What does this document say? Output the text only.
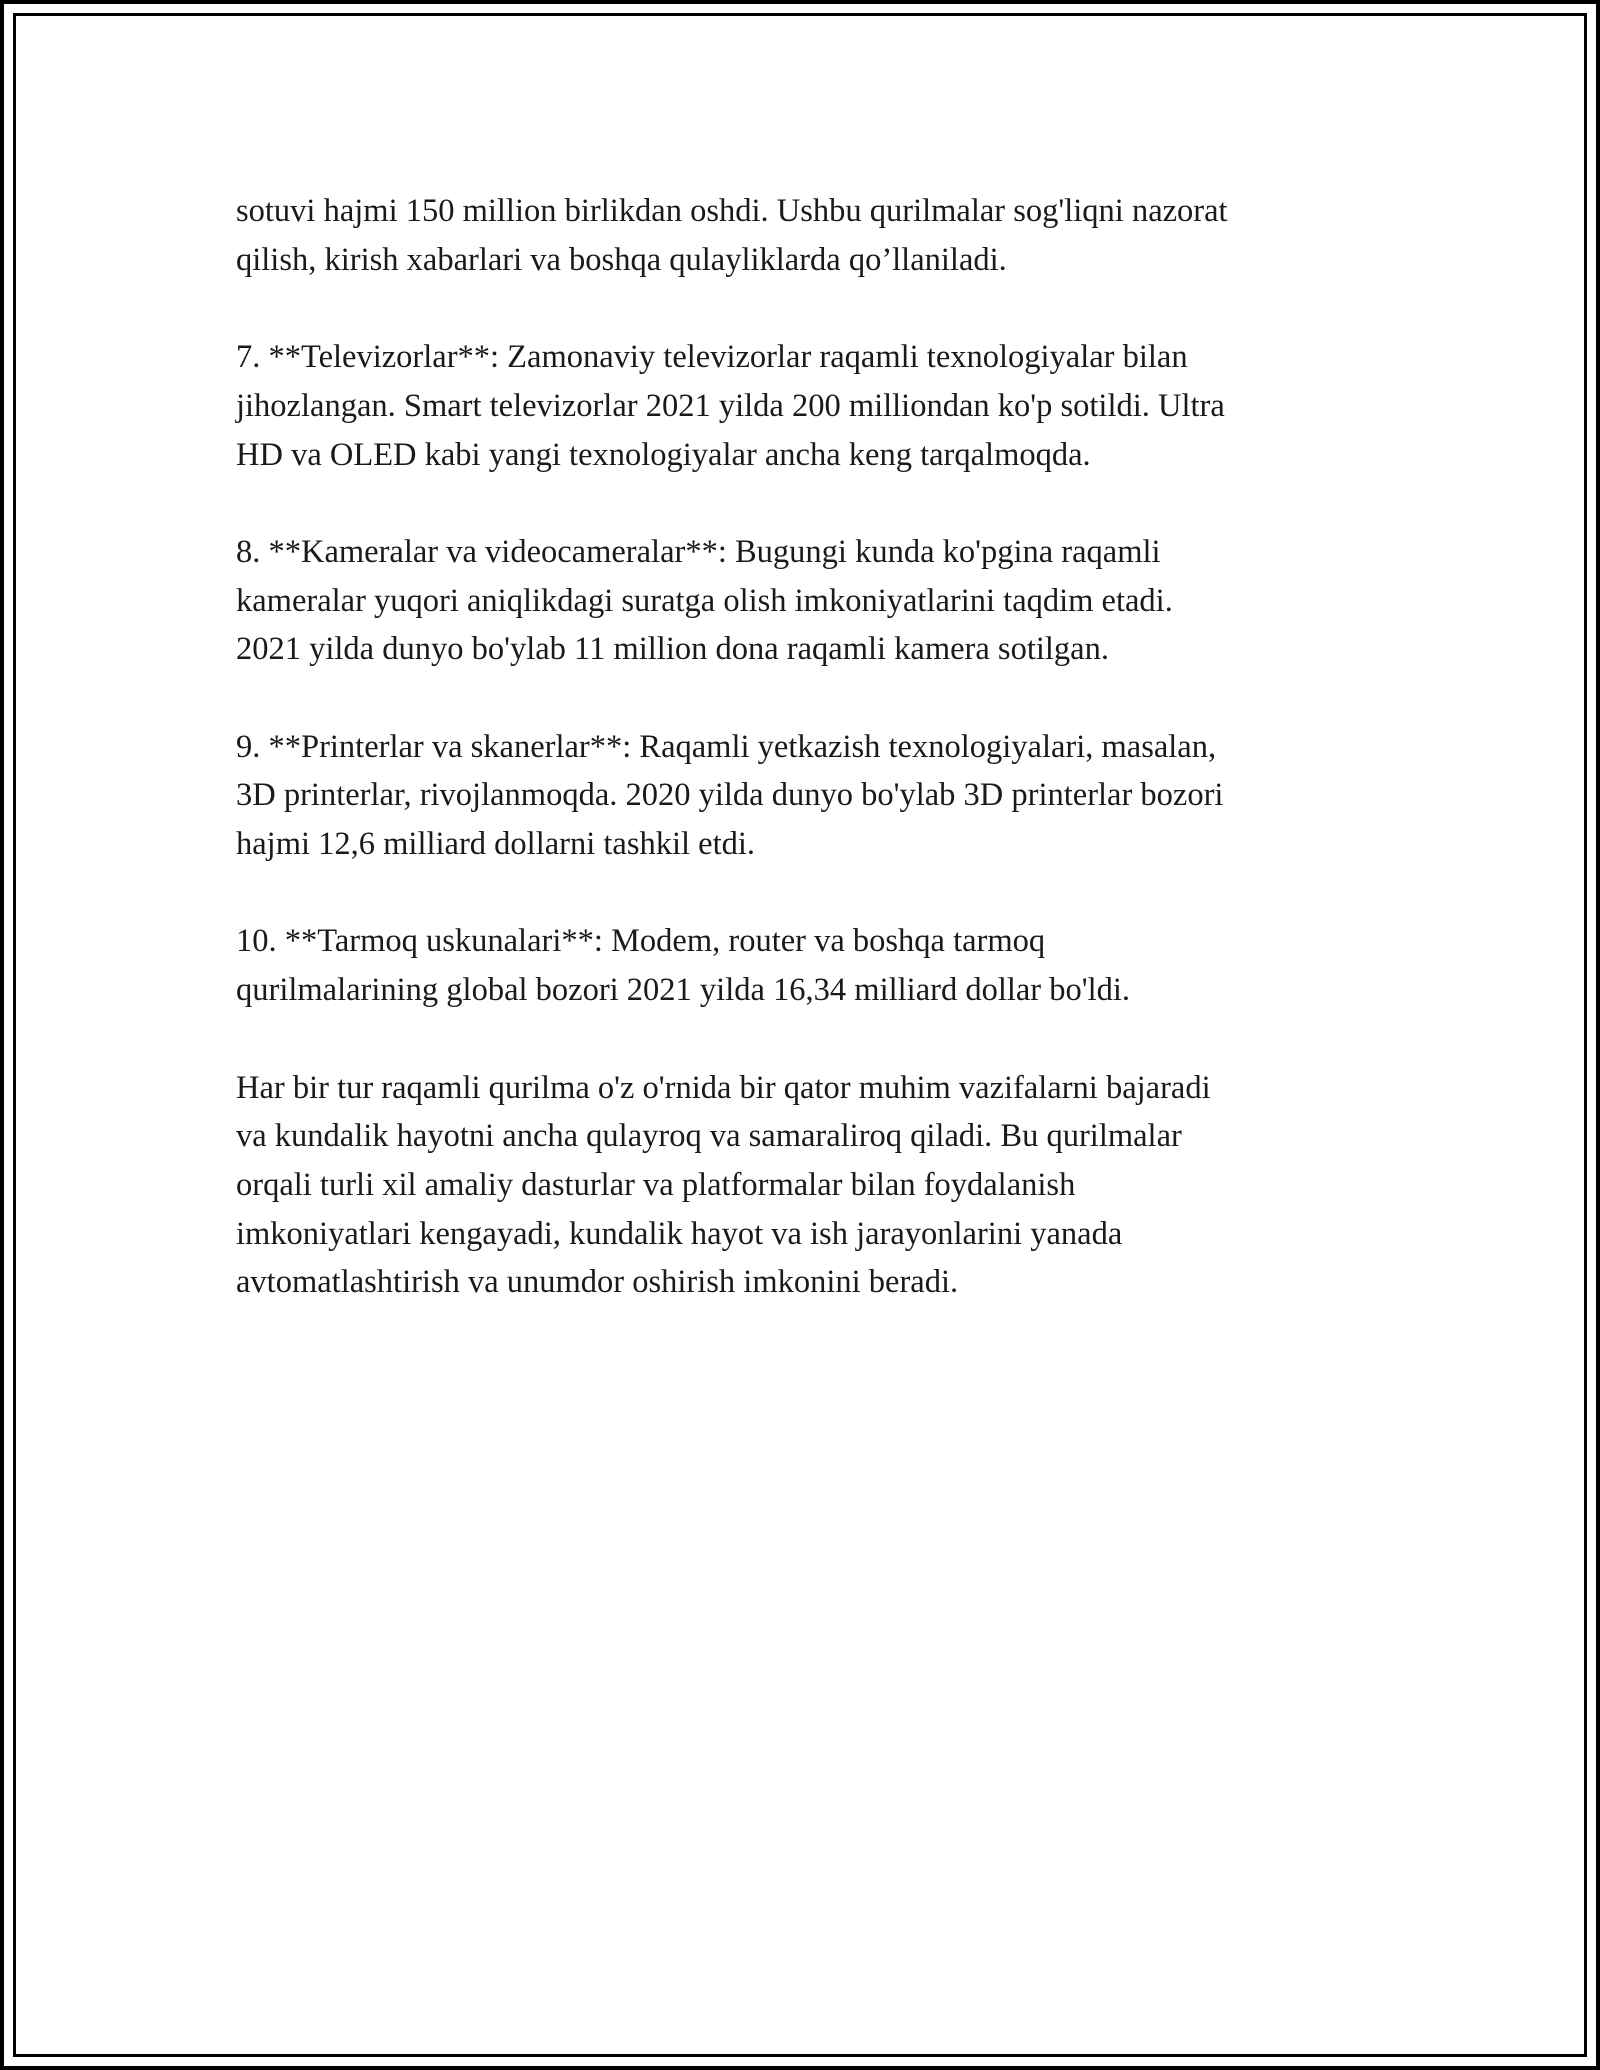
sotuvi hajmi 150 million birlikdan oshdi. Ushbu qurilmalar sog'liqni nazorat
qilish, kirish xabarlari va boshqa qulayliklarda qo’llaniladi.

7. **Televizorlar**: Zamonaviy televizorlar raqamli texnologiyalar bilan
jihozlangan. Smart televizorlar 2021 yilda 200 milliondan ko'p sotildi. Ultra
HD va OLED kabi yangi texnologiyalar ancha keng tarqalmoqda.

8. **Kameralar va videocameralar**: Bugungi kunda ko'pgina raqamli
kameralar yuqori aniqlikdagi suratga olish imkoniyatlarini taqdim etadi.
2021 yilda dunyo bo'ylab 11 million dona raqamli kamera sotilgan.

9. **Printerlar va skanerlar**: Raqamli yetkazish texnologiyalari, masalan,
3D printerlar, rivojlanmoqda. 2020 yilda dunyo bo'ylab 3D printerlar bozori
hajmi 12,6 milliard dollarni tashkil etdi.

10. **Tarmoq uskunalari**: Modem, router va boshqa tarmoq
qurilmalarining global bozori 2021 yilda 16,34 milliard dollar bo'ldi.

Har bir tur raqamli qurilma o'z o'rnida bir qator muhim vazifalarni bajaradi
va kundalik hayotni ancha qulayroq va samaraliroq qiladi. Bu qurilmalar
orqali turli xil amaliy dasturlar va platformalar bilan foydalanish
imkoniyatlari kengayadi, kundalik hayot va ish jarayonlarini yanada
avtomatlashtirish va unumdor oshirish imkonini beradi.
